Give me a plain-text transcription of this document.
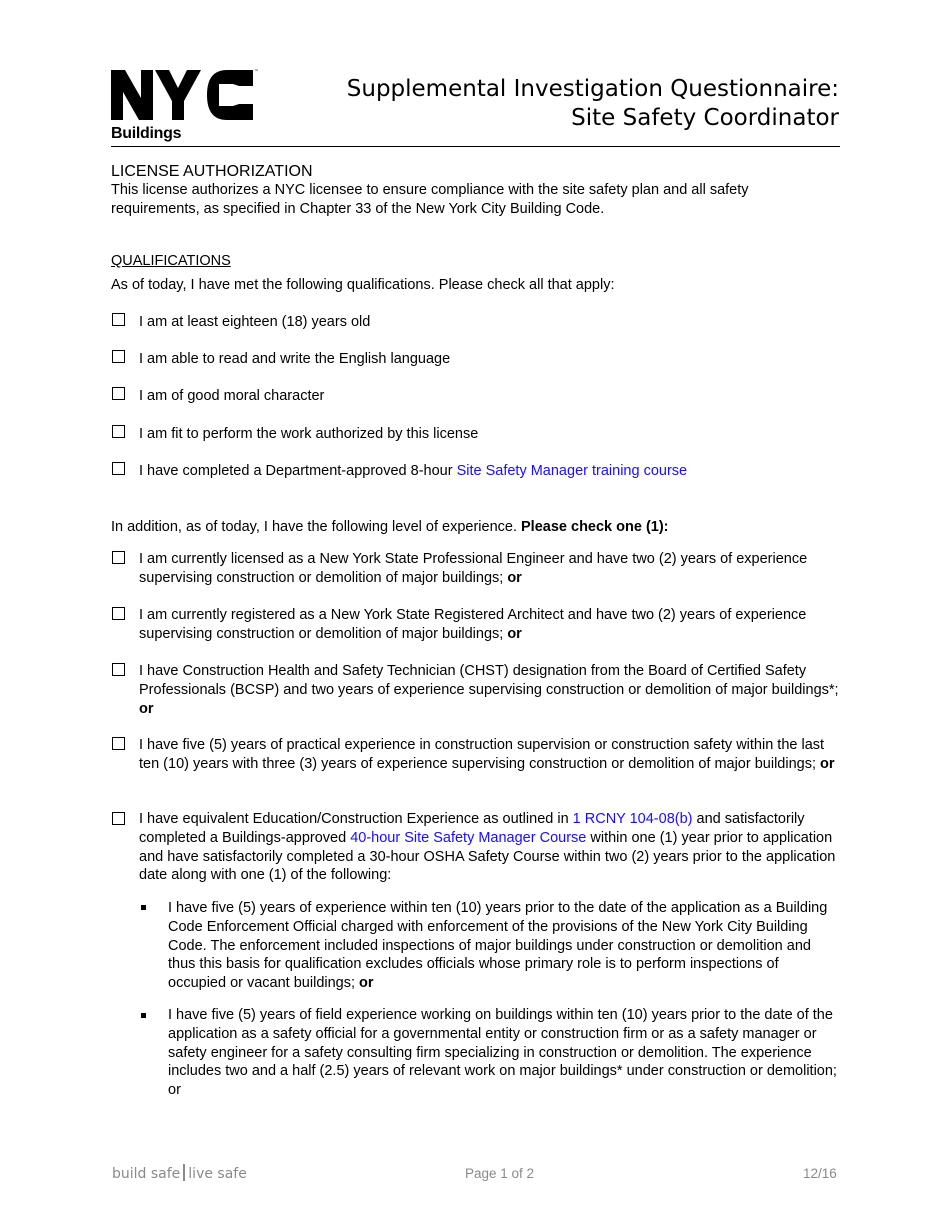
™
Buildings
Supplemental Investigation Questionnaire:
Site Safety Coordinator
LICENSE AUTHORIZATION
This license authorizes a NYC licensee to ensure compliance with the site safety plan and all safety requirements, as specified in Chapter 33 of the New York City Building Code.
QUALIFICATIONS
As of today, I have met the following qualifications. Please check all that apply:
I am at least eighteen (18) years old
I am able to read and write the English language
I am of good moral character
I am fit to perform the work authorized by this license
I have completed a Department-approved 8-hour Site Safety Manager training course
In addition, as of today, I have the following level of experience. Please check one (1):
I am currently licensed as a New York State Professional Engineer and have two (2) years of experience supervising construction or demolition of major buildings; or
I am currently registered as a New York State Registered Architect and have two (2) years of experience supervising construction or demolition of major buildings; or
I have Construction Health and Safety Technician (CHST) designation from the Board of Certified Safety Professionals (BCSP) and two years of experience supervising construction or demolition of major buildings*; or
I have five (5) years of practical experience in construction supervision or construction safety within the last ten (10) years with three (3) years of experience supervising construction or demolition of major buildings; or
I have equivalent Education/Construction Experience as outlined in 1 RCNY 104-08(b) and satisfactorily completed a Buildings-approved 40-hour Site Safety Manager Course within one (1) year prior to application and have satisfactorily completed a 30-hour OSHA Safety Course within two (2) years prior to the application date along with one (1) of the following:
I have five (5) years of experience within ten (10) years prior to the date of the application as a Building Code Enforcement Official charged with enforcement of the provisions of the New York City Building Code. The enforcement included inspections of major buildings under construction or demolition and thus this basis for qualification excludes officials whose primary role is to perform inspections of occupied or vacant buildings; or
I have five (5) years of field experience working on buildings within ten (10) years prior to the date of the application as a safety official for a governmental entity or construction firm or as a safety manager or safety engineer for a safety consulting firm specializing in construction or demolition. The experience includes two and a half (2.5) years of relevant work on major buildings* under construction or demolition; or
build safe live safe	Page 1 of 2	12/16
